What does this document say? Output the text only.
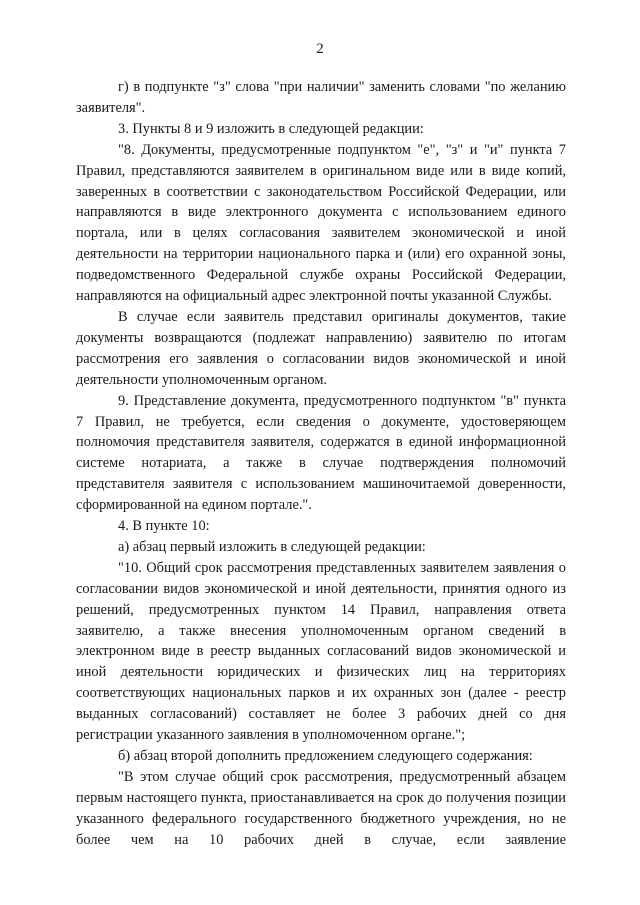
2

г) в подпункте "з" слова "при наличии" заменить словами "по желанию заявителя".

3. Пункты 8 и 9 изложить в следующей редакции:

"8. Документы, предусмотренные подпунктом "е", "з" и "и" пункта 7 Правил, представляются заявителем в оригинальном виде или в виде копий, заверенных в соответствии с законодательством Российской Федерации, или направляются в виде электронного документа с использованием единого портала, или в целях согласования заявителем экономической и иной деятельности на территории национального парка и (или) его охранной зоны, подведомственного Федеральной службе охраны Российской Федерации, направляются на официальный адрес электронной почты указанной Службы.

В случае если заявитель представил оригиналы документов, такие документы возвращаются (подлежат направлению) заявителю по итогам рассмотрения его заявления о согласовании видов экономической и иной деятельности уполномоченным органом.

9. Представление документа, предусмотренного подпунктом "в" пункта 7 Правил, не требуется, если сведения о документе, удостоверяющем полномочия представителя заявителя, содержатся в единой информационной системе нотариата, а также в случае подтверждения полномочий представителя заявителя с использованием машиночитаемой доверенности, сформированной на едином портале.".

4. В пункте 10:

а) абзац первый изложить в следующей редакции:

"10. Общий срок рассмотрения представленных заявителем заявления о согласовании видов экономической и иной деятельности, принятия одного из решений, предусмотренных пунктом 14 Правил, направления ответа заявителю, а также внесения уполномоченным органом сведений в электронном виде в реестр выданных согласований видов экономической и иной деятельности юридических и физических лиц на территориях соответствующих национальных парков и их охранных зон (далее - реестр выданных согласований) составляет не более 3 рабочих дней со дня регистрации указанного заявления в уполномоченном органе.";

б) абзац второй дополнить предложением следующего содержания:

"В этом случае общий срок рассмотрения, предусмотренный абзацем первым настоящего пункта, приостанавливается на срок до получения позиции указанного федерального государственного бюджетного учреждения, но не более чем на 10 рабочих дней в случае, если заявление
